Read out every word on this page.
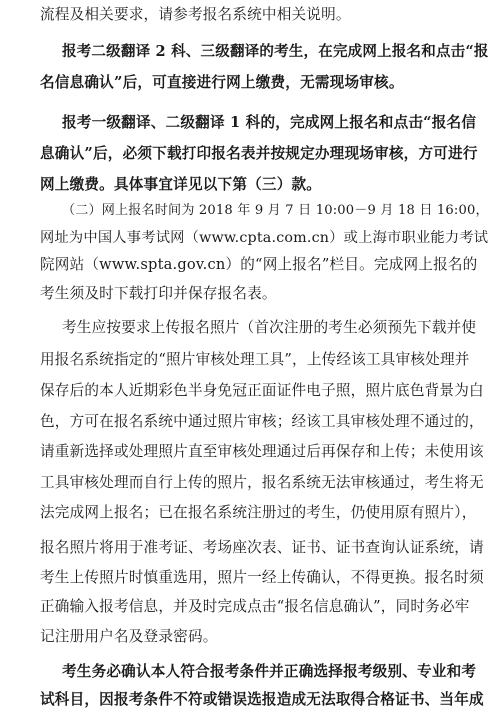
流程及相关要求，请参考报名系统中相关说明。
报考二级翻译 2 科、三级翻译的考生，在完成网上报名和点击“报
名信息确认”后，可直接进行网上缴费，无需现场审核。
报考一级翻译、二级翻译 1 科的，完成网上报名和点击“报名信
息确认”后，必须下载打印报名表并按规定办理现场审核，方可进行
网上缴费。具体事宜详见以下第（三）款。
（二）网上报名时间为 2018 年 9 月 7 日 10:00－9 月 18 日 16:00，
网址为中国人事考试网（www.cpta.com.cn）或上海市职业能力考试
院网站（www.spta.gov.cn）的“网上报名”栏目。完成网上报名的
考生须及时下载打印并保存报名表。
考生应按要求上传报名照片（首次注册的考生必须预先下载并使
用报名系统指定的“照片审核处理工具”，上传经该工具审核处理并
保存后的本人近期彩色半身免冠正面证件电子照，照片底色背景为白
色，方可在报名系统中通过照片审核；经该工具审核处理不通过的，
请重新选择或处理照片直至审核处理通过后再保存和上传；未使用该
工具审核处理而自行上传的照片，报名系统无法审核通过，考生将无
法完成网上报名；已在报名系统注册过的考生，仍使用原有照片），
报名照片将用于准考证、考场座次表、证书、证书查询认证系统，请
考生上传照片时慎重选用，照片一经上传确认，不得更换。报名时须
正确输入报考信息，并及时完成点击“报名信息确认”，同时务必牢
记注册用户名及登录密码。
考生务必确认本人符合报考条件并正确选择报考级别、专业和考
试科目，因报考条件不符或错误选报造成无法取得合格证书、当年成
